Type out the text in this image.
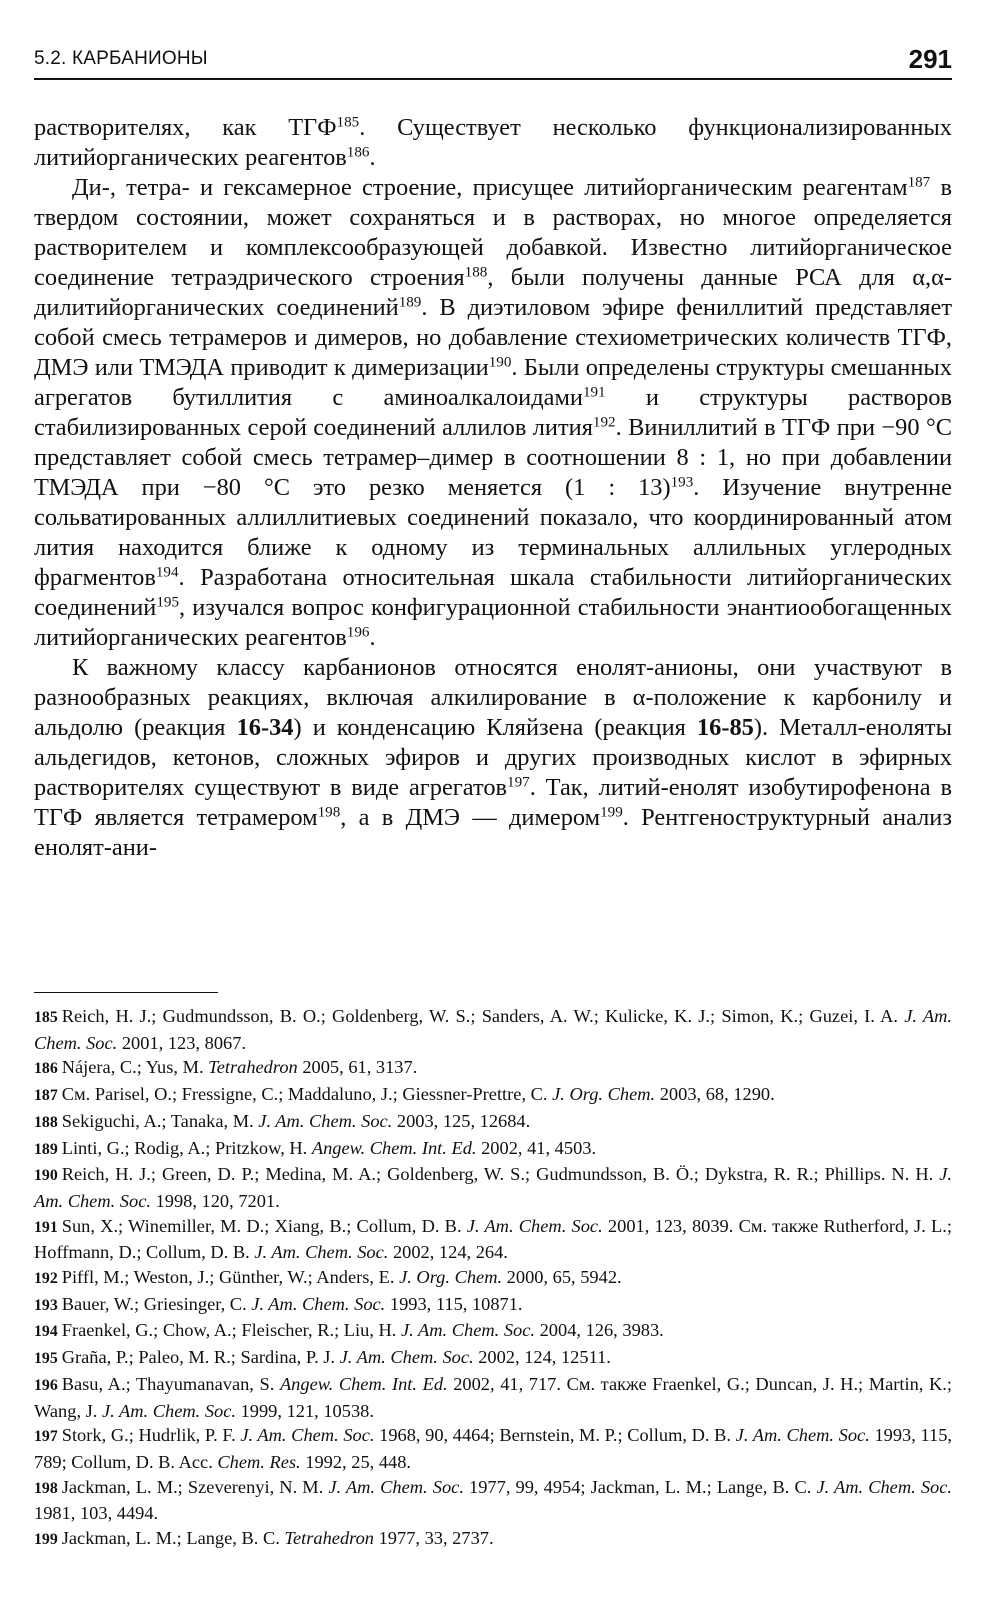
5.2. КАРБАНИОНЫ	291

растворителях, как ТГФ$^{185}$. Существует несколько функционализированных литийорганических реагентов$^{186}$.

Ди-, тетра- и гексамерное строение, присущее литийорганическим реагентам$^{187}$ в твердом состоянии, может сохраняться и в растворах, но многое определяется растворителем и комплексообразующей добавкой. Известно литийорганическое соединение тетраэдрического строения$^{188}$, были получены данные РСА для α,α-дилитийорганических соединений$^{189}$. В диэтиловом эфире фениллитий представляет собой смесь тетрамеров и димеров, но добавление стехиометрических количеств ТГФ, ДМЭ или ТМЭДА приводит к димеризации$^{190}$. Были определены структуры смешанных агрегатов бутиллития с аминоалкалоидами$^{191}$ и структуры растворов стабилизированных серой соединений аллилов лития$^{192}$. Виниллитий в ТГФ при −90 °С представляет собой смесь тетрамер–димер в соотношении 8 : 1, но при добавлении ТМЭДА при −80 °С это резко меняется (1 : 13)$^{193}$. Изучение внутренне сольватированных аллиллитиевых соединений показало, что координированный атом лития находится ближе к одному из терминальных аллильных углеродных фрагментов$^{194}$. Разработана относительная шкала стабильности литийорганических соединений$^{195}$, изучался вопрос конфигурационной стабильности энантиообогащенных литийорганических реагентов$^{196}$.

К важному классу карбанионов относятся енолят-анионы, они участвуют в разнообразных реакциях, включая алкилирование в α-положение к карбонилу и альдолю (реакция 16-34) и конденсацию Кляйзена (реакция 16-85). Металл-еноляты альдегидов, кетонов, сложных эфиров и других производных кислот в эфирных растворителях существуют в виде агрегатов$^{197}$. Так, литий-енолят изобутирофенона в ТГФ является тетрамером$^{198}$, а в ДМЭ — димером$^{199}$. Рентгеноструктурный анализ енолят-ани-

185 Reich, H. J.; Gudmundsson, B. O.; Goldenberg, W. S.; Sanders, A. W.; Kulicke, K. J.; Simon, K.; Guzei, I. A. J. Am. Chem. Soc. 2001, 123, 8067.

186 Nájera, C.; Yus, M. Tetrahedron 2005, 61, 3137.

187 См. Parisel, O.; Fressigne, C.; Maddaluno, J.; Giessner-Prettre, C. J. Org. Chem. 2003, 68, 1290.

188 Sekiguchi, A.; Tanaka, M. J. Am. Chem. Soc. 2003, 125, 12684.

189 Linti, G.; Rodig, A.; Pritzkow, H. Angew. Chem. Int. Ed. 2002, 41, 4503.

190 Reich, H. J.; Green, D. P.; Medina, M. A.; Goldenberg, W. S.; Gudmundsson, B. Ö.; Dykstra, R. R.; Phillips. N. H. J. Am. Chem. Soc. 1998, 120, 7201.

191 Sun, X.; Winemiller, M. D.; Xiang, B.; Collum, D. B. J. Am. Chem. Soc. 2001, 123, 8039. См. также Rutherford, J. L.; Hoffmann, D.; Collum, D. B. J. Am. Chem. Soc. 2002, 124, 264.

192 Piffl, M.; Weston, J.; Günther, W.; Anders, E. J. Org. Chem. 2000, 65, 5942.

193 Bauer, W.; Griesinger, C. J. Am. Chem. Soc. 1993, 115, 10871.

194 Fraenkel, G.; Chow, A.; Fleischer, R.; Liu, H. J. Am. Chem. Soc. 2004, 126, 3983.

195 Graña, P.; Paleo, M. R.; Sardina, P. J. J. Am. Chem. Soc. 2002, 124, 12511.

196 Basu, A.; Thayumanavan, S. Angew. Chem. Int. Ed. 2002, 41, 717. См. также Fraenkel, G.; Duncan, J. H.; Martin, K.; Wang, J. J. Am. Chem. Soc. 1999, 121, 10538.

197 Stork, G.; Hudrlik, P. F. J. Am. Chem. Soc. 1968, 90, 4464; Bernstein, M. P.; Collum, D. B. J. Am. Chem. Soc. 1993, 115, 789; Collum, D. B. Acc. Chem. Res. 1992, 25, 448.

198 Jackman, L. M.; Szeverenyi, N. M. J. Am. Chem. Soc. 1977, 99, 4954; Jackman, L. M.; Lange, B. C. J. Am. Chem. Soc. 1981, 103, 4494.

199 Jackman, L. M.; Lange, B. C. Tetrahedron 1977, 33, 2737.
